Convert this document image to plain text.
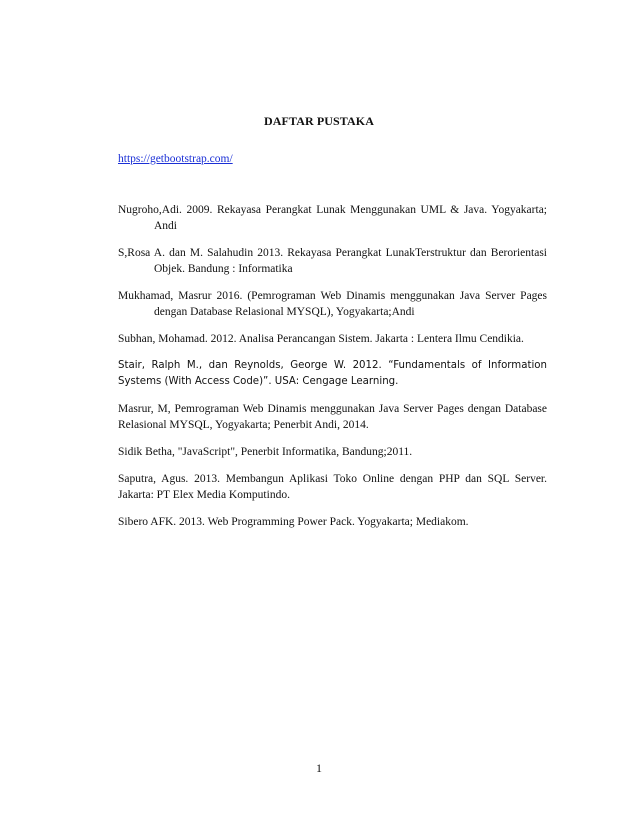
DAFTAR PUSTAKA
https://getbootstrap.com/
Nugroho,Adi. 2009. Rekayasa Perangkat Lunak Menggunakan UML & Java. Yogyakarta; Andi
S,Rosa A. dan M. Salahudin 2013. Rekayasa Perangkat LunakTerstruktur dan Berorientasi Objek. Bandung : Informatika
Mukhamad, Masrur 2016. (Pemrograman Web Dinamis menggunakan Java Server Pages dengan Database Relasional MYSQL), Yogyakarta;Andi
Subhan, Mohamad. 2012. Analisa Perancangan Sistem. Jakarta : Lentera Ilmu Cendikia.
Stair, Ralph M., dan Reynolds, George W. 2012. “Fundamentals of Information Systems (With Access Code)”. USA: Cengage Learning.
Masrur, M, Pemrograman Web Dinamis menggunakan Java Server Pages dengan Database Relasional MYSQL, Yogyakarta; Penerbit Andi, 2014.
Sidik Betha, "JavaScript", Penerbit Informatika, Bandung;2011.
Saputra, Agus. 2013. Membangun Aplikasi Toko Online dengan PHP dan SQL Server. Jakarta: PT Elex Media Komputindo.
Sibero AFK. 2013. Web Programming Power Pack. Yogyakarta; Mediakom.
1
